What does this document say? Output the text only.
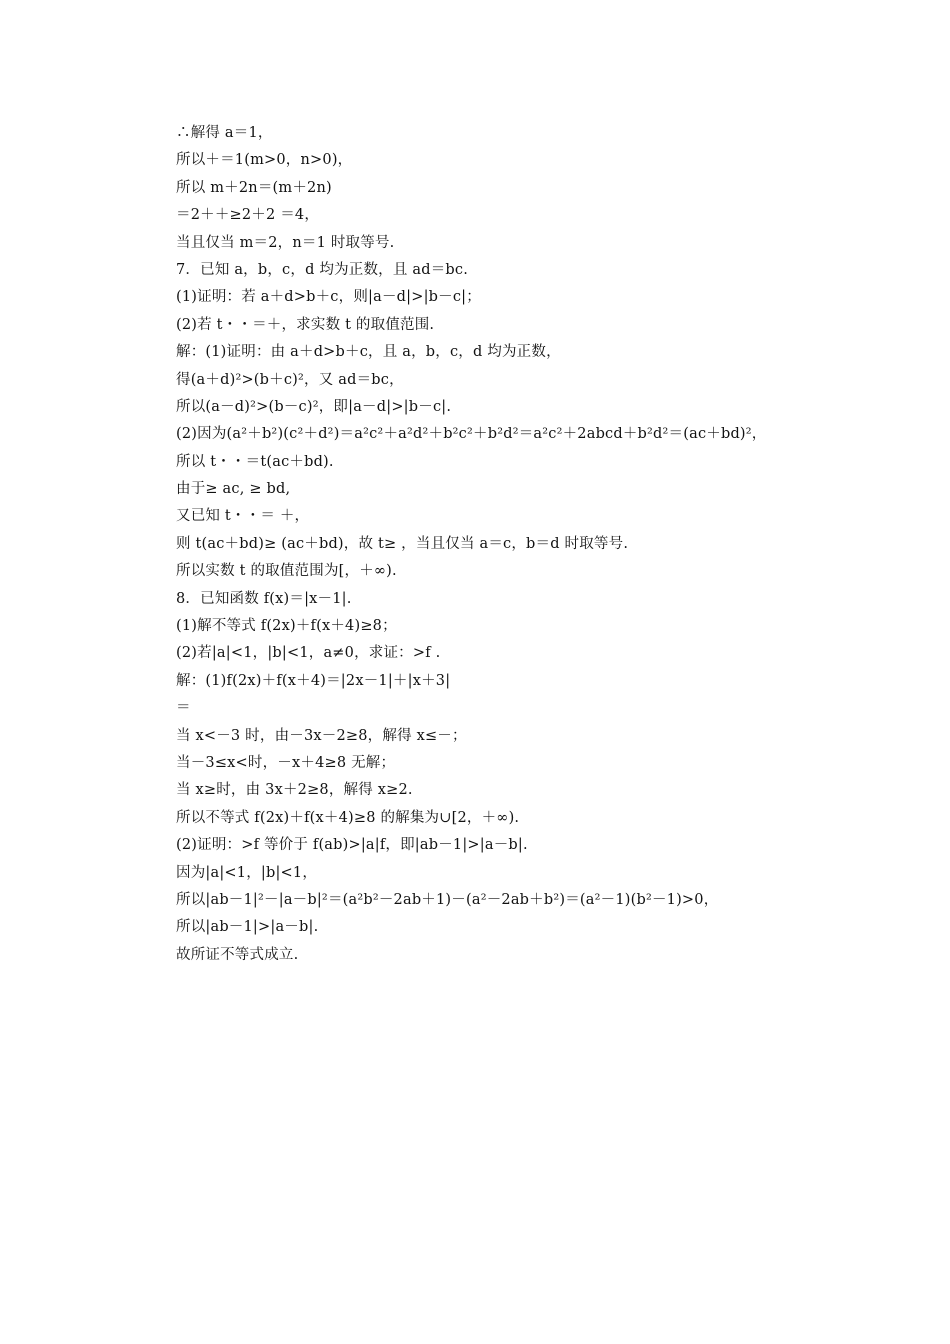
∴解得 a＝1，
所以＋＝1(m>0，n>0)，
所以 m＋2n＝(m＋2n)
＝2＋＋≥2＋2 ＝4，
当且仅当 m＝2，n＝1 时取等号.
7．已知 a，b，c，d 均为正数，且 ad＝bc.
(1)证明：若 a＋d>b＋c，则|a－d|>|b－c|；
(2)若 t・・＝＋，求实数 t 的取值范围.
解：(1)证明：由 a＋d>b＋c，且 a，b，c，d 均为正数，
得(a＋d)²>(b＋c)²，又 ad＝bc，
所以(a－d)²>(b－c)²，即|a－d|>|b－c|.
(2)因为(a²＋b²)(c²＋d²)＝a²c²＋a²d²＋b²c²＋b²d²＝a²c²＋2abcd＋b²d²＝(ac＋bd)²，
所以 t・・＝t(ac＋bd).
由于≥ ac, ≥ bd,
又已知 t・・＝ ＋，
则 t(ac＋bd)≥ (ac＋bd)，故 t≥ ，当且仅当 a＝c，b＝d 时取等号.
所以实数 t 的取值范围为[，＋∞).
8．已知函数 f(x)＝|x－1|.
(1)解不等式 f(2x)＋f(x＋4)≥8；
(2)若|a|<1，|b|<1，a≠0，求证：>f .
解：(1)f(2x)＋f(x＋4)＝|2x－1|＋|x＋3|
＝
当 x<－3 时，由－3x－2≥8，解得 x≤－；
当－3≤x<时，－x＋4≥8 无解；
当 x≥时，由 3x＋2≥8，解得 x≥2.
所以不等式 f(2x)＋f(x＋4)≥8 的解集为∪[2，＋∞).
(2)证明：>f 等价于 f(ab)>|a|f，即|ab－1|>|a－b|.
因为|a|<1，|b|<1，
所以|ab－1|²－|a－b|²＝(a²b²－2ab＋1)－(a²－2ab＋b²)＝(a²－1)(b²－1)>0，
所以|ab－1|>|a－b|.
故所证不等式成立.
